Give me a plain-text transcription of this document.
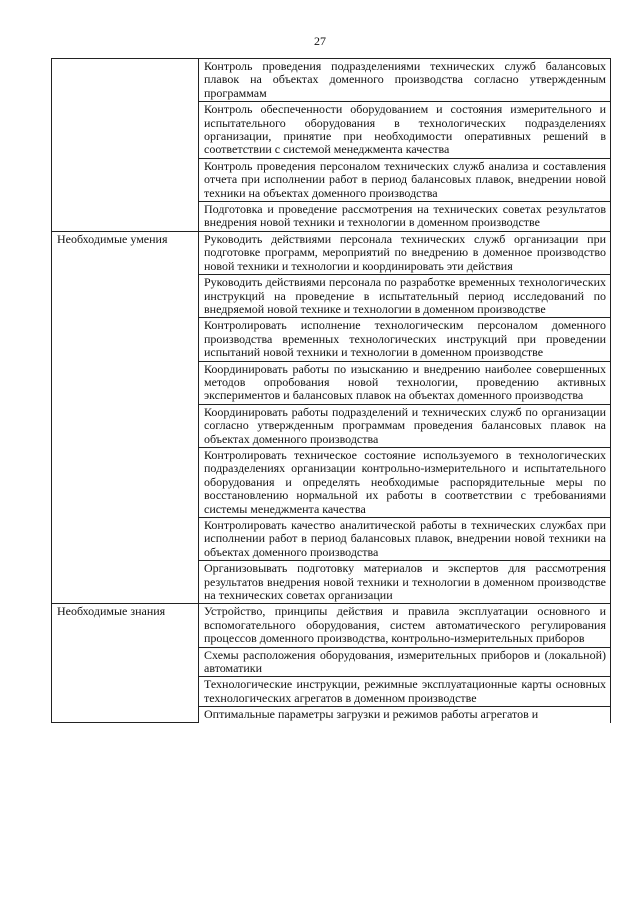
27
	Контроль проведения подразделениями технических служб балансовых плавок на объектах доменного производства согласно утвержденным программам
	Контроль обеспеченности оборудованием и состояния измерительного и испытательного оборудования в технологических подразделениях организации, принятие при необходимости оперативных решений в соответствии с системой менеджмента качества
	Контроль проведения персоналом технических служб анализа и составления отчета при исполнении работ в период балансовых плавок, внедрении новой техники на объектах доменного производства
	Подготовка и проведение рассмотрения на технических советах результатов внедрения новой техники и технологии в доменном производстве
Необходимые умения	Руководить действиями персонала технических служб организации при подготовке программ, мероприятий по внедрению в доменное производство новой техники и технологии и координировать эти действия
	Руководить действиями персонала по разработке временных технологических инструкций на проведение в испытательный период исследований по внедряемой новой технике и технологии в доменном производстве
	Контролировать исполнение технологическим персоналом доменного производства временных технологических инструкций при проведении испытаний новой техники и технологии в доменном производстве
	Координировать работы по изысканию и внедрению наиболее совершенных методов опробования новой технологии, проведению активных экспериментов и балансовых плавок на объектах доменного производства
	Координировать работы подразделений и технических служб по организации согласно утвержденным программам проведения балансовых плавок на объектах доменного производства
	Контролировать техническое состояние используемого в технологических подразделениях организации контрольно-измерительного и испытательного оборудования и определять необходимые распорядительные меры по восстановлению нормальной их работы в соответствии с требованиями системы менеджмента качества
	Контролировать качество аналитической работы в технических службах при исполнении работ в период балансовых плавок, внедрении новой техники на объектах доменного производства
	Организовывать подготовку материалов и экспертов для рассмотрения результатов внедрения новой техники и технологии в доменном производстве на технических советах организации
Необходимые знания	Устройство, принципы действия и правила эксплуатации основного и вспомогательного оборудования, систем автоматического регулирования процессов доменного производства, контрольно-измерительных приборов
	Схемы расположения оборудования, измерительных приборов и (локальной) автоматики
	Технологические инструкции, режимные эксплуатационные карты основных технологических агрегатов в доменном производстве
	Оптимальные параметры загрузки и режимов работы агрегатов и
